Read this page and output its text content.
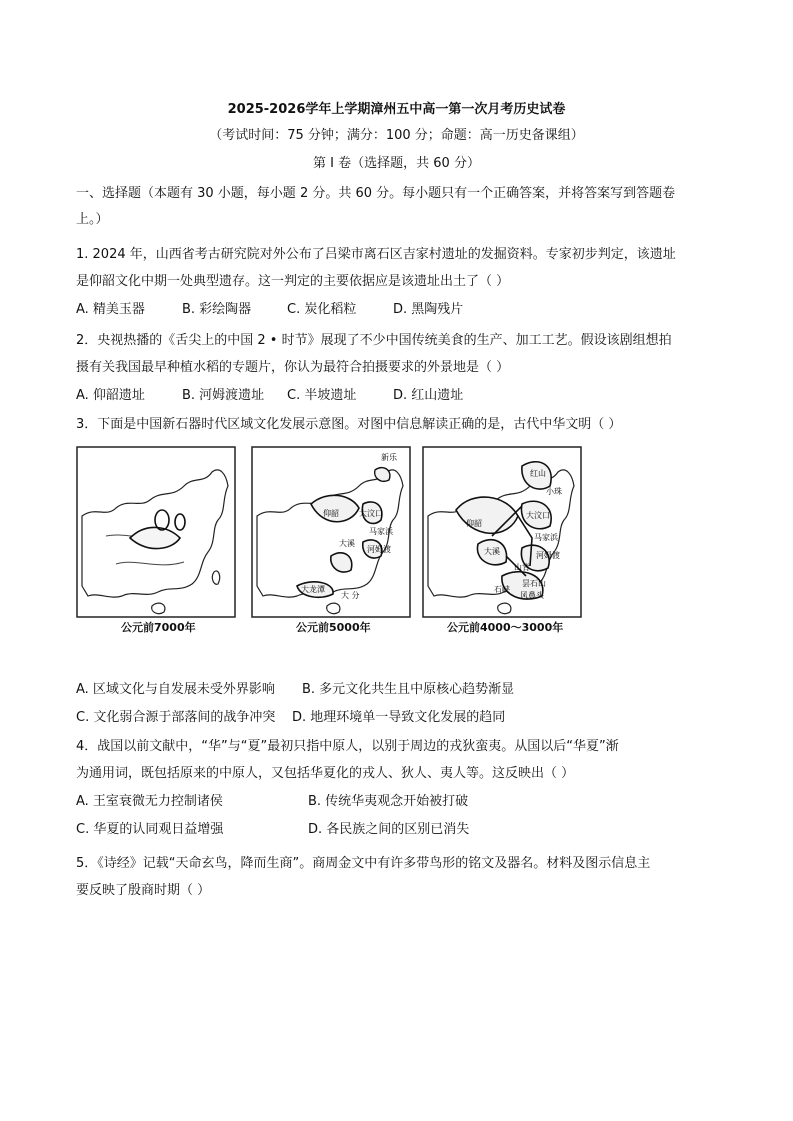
2025-2026学年上学期漳州五中高一第一次月考历史试卷
（考试时间：75 分钟；满分：100 分；命题：高一历史备课组）
第 I 卷（选择题，共 60 分）
一、选择题（本题有 30 小题，每小题 2 分。共 60 分。每小题只有一个正确答案，并将答案写到答题卷
上。）
1. 2024 年，山西省考古研究院对外公布了吕梁市离石区吉家村遗址的发掘资料。专家初步判定，该遗址
是仰韶文化中期一处典型遗存。这一判定的主要依据应是该遗址出土了（ ）
A. 精美玉器	B. 彩绘陶器	C. 炭化稻粒	D. 黑陶残片
2．央视热播的《舌尖上的中国 2 • 时节》展现了不少中国传统美食的生产、加工工艺。假设该剧组想拍
摄有关我国最早种植水稻的专题片，你认为最符合拍摄要求的外景地是（ ）
A. 仰韶遗址	B. 河姆渡遗址 C. 半坡遗址	D. 红山遗址
3．下面是中国新石器时代区域文化发展示意图。对图中信息解读正确的是，古代中华文明（ ）
公元前7000年
新乐
仰韶	大汶口
马家浜
大溪
河姆渡
大龙潭
大 分
公元前5000年
红山
仰韶
小珠
大汶口
马家浜
大溪	河姆渡
山背
石峡
昙石山
风鼻头
公元前4000～3000年
A. 区域文化与自发展未受外界影响 B. 多元文化共生且中原核心趋势渐显
C. 文化弱合源于部落间的战争冲突 D. 地理环境单一导致文化发展的趋同
4．战国以前文献中，“华”与“夏”最初只指中原人，以别于周边的戎狄蛮夷。从国以后“华夏”渐
为通用词，既包括原来的中原人，又包括华夏化的戎人、狄人、夷人等。这反映出（ ）
A. 王室衰微无力控制诸侯	B. 传统华夷观念开始被打破
C. 华夏的认同观日益增强	D. 各民族之间的区别已消失
5．《诗经》记载“天命玄鸟，降而生商”。商周金文中有许多带鸟形的铭文及器名。材料及图示信息主
要反映了殷商时期（ ）
